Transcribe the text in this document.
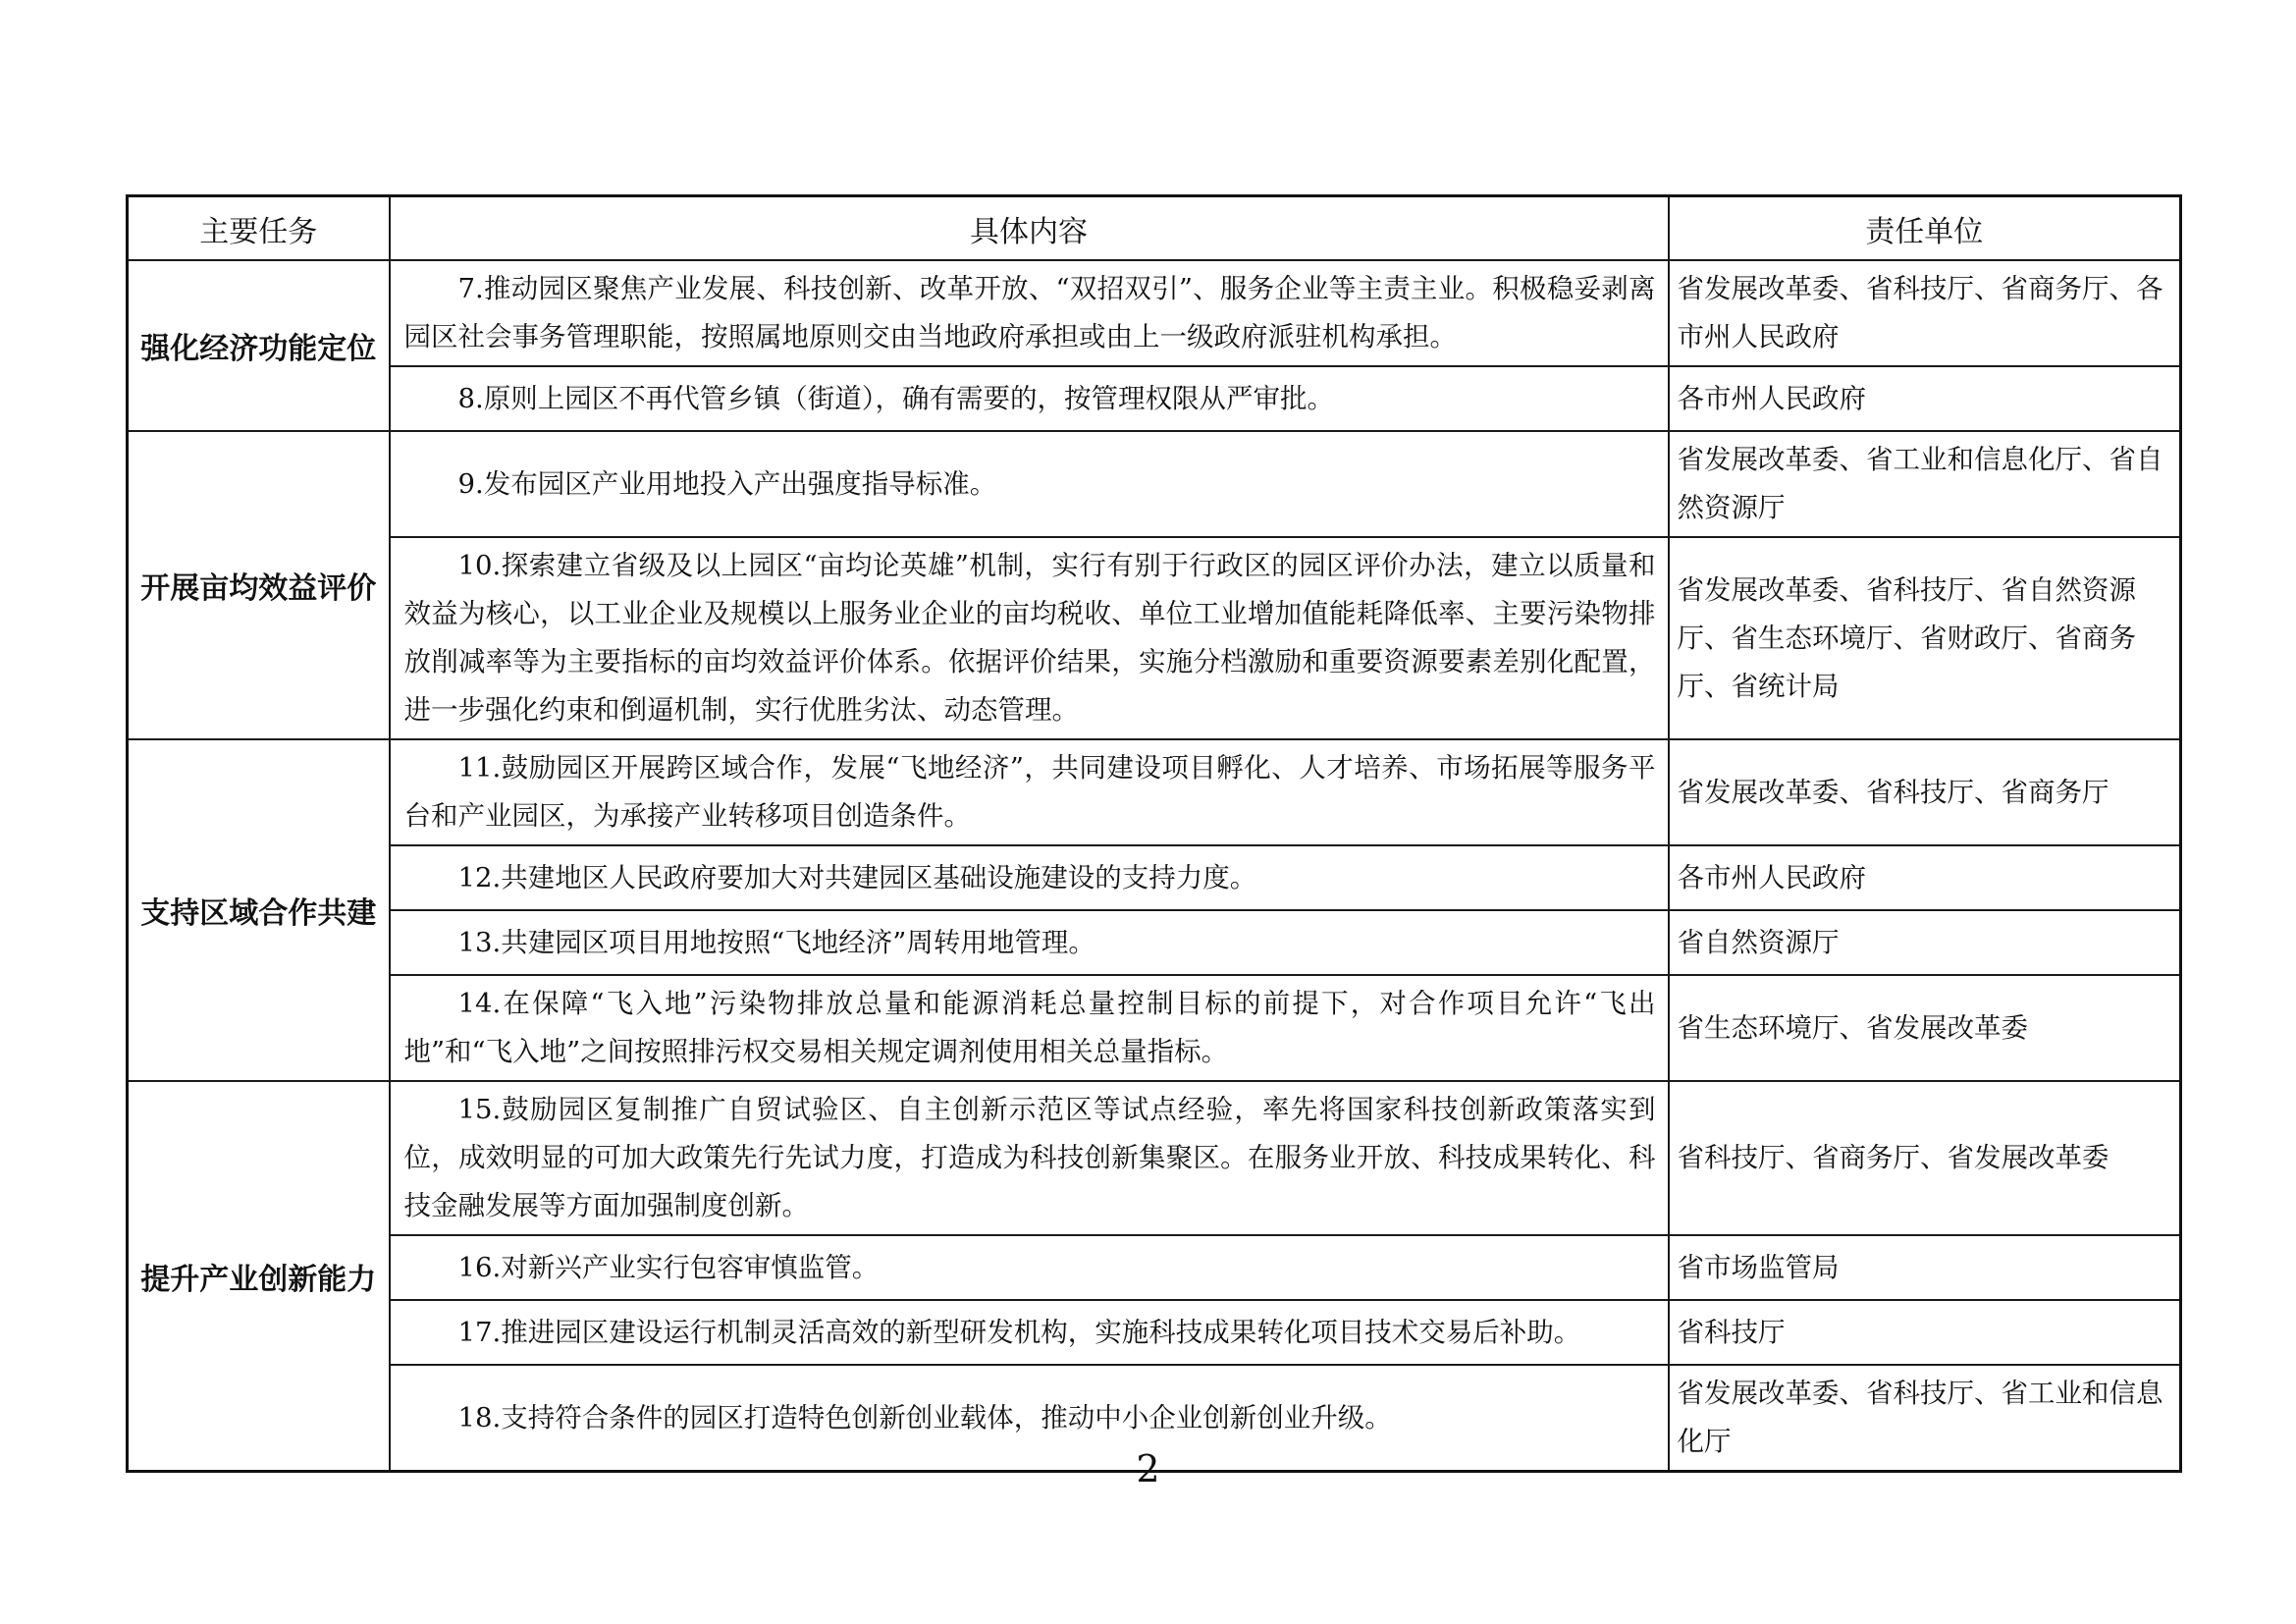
主要任务	具体内容	责任单位
强化经济功能定位	7.推动园区聚焦产业发展、科技创新、改革开放、“双招双引”、服务企业等主责主业。积极稳妥剥离园区社会事务管理职能，按照属地原则交由当地政府承担或由上一级政府派驻机构承担。	省发展改革委、省科技厅、省商务厅、各市州人民政府

	8.原则上园区不再代管乡镇（街道），确有需要的，按管理权限从严审批。	各市州人民政府
开展亩均效益评价	9.发布园区产业用地投入产出强度指导标准。	省发展改革委、省工业和信息化厅、省自然资源厅

	10.探索建立省级及以上园区“亩均论英雄”机制，实行有别于行政区的园区评价办法，建立以质量和效益为核心，以工业企业及规模以上服务业企业的亩均税收、单位工业增加值能耗降低率、主要污染物排放削减率等为主要指标的亩均效益评价体系。依据评价结果，实施分档激励和重要资源要素差别化配置，进一步强化约束和倒逼机制，实行优胜劣汰、动态管理。	省发展改革委、省科技厅、省自然资源厅、省生态环境厅、省财政厅、省商务厅、省统计局
支持区域合作共建	11.鼓励园区开展跨区域合作，发展“飞地经济”，共同建设项目孵化、人才培养、市场拓展等服务平台和产业园区，为承接产业转移项目创造条件。	省发展改革委、省科技厅、省商务厅

	12.共建地区人民政府要加大对共建园区基础设施建设的支持力度。	各市州人民政府

	13.共建园区项目用地按照“飞地经济”周转用地管理。	省自然资源厅

	14.在保障“飞入地”污染物排放总量和能源消耗总量控制目标的前提下，对合作项目允许“飞出地”和“飞入地”之间按照排污权交易相关规定调剂使用相关总量指标。	省生态环境厅、省发展改革委
提升产业创新能力	15.鼓励园区复制推广自贸试验区、自主创新示范区等试点经验，率先将国家科技创新政策落实到位，成效明显的可加大政策先行先试力度，打造成为科技创新集聚区。在服务业开放、科技成果转化、科技金融发展等方面加强制度创新。	省科技厅、省商务厅、省发展改革委

	16.对新兴产业实行包容审慎监管。	省市场监管局

	17.推进园区建设运行机制灵活高效的新型研发机构，实施科技成果转化项目技术交易后补助。	省科技厅

	18.支持符合条件的园区打造特色创新创业载体，推动中小企业创新创业升级。	省发展改革委、省科技厅、省工业和信息化厅
— 2 —
